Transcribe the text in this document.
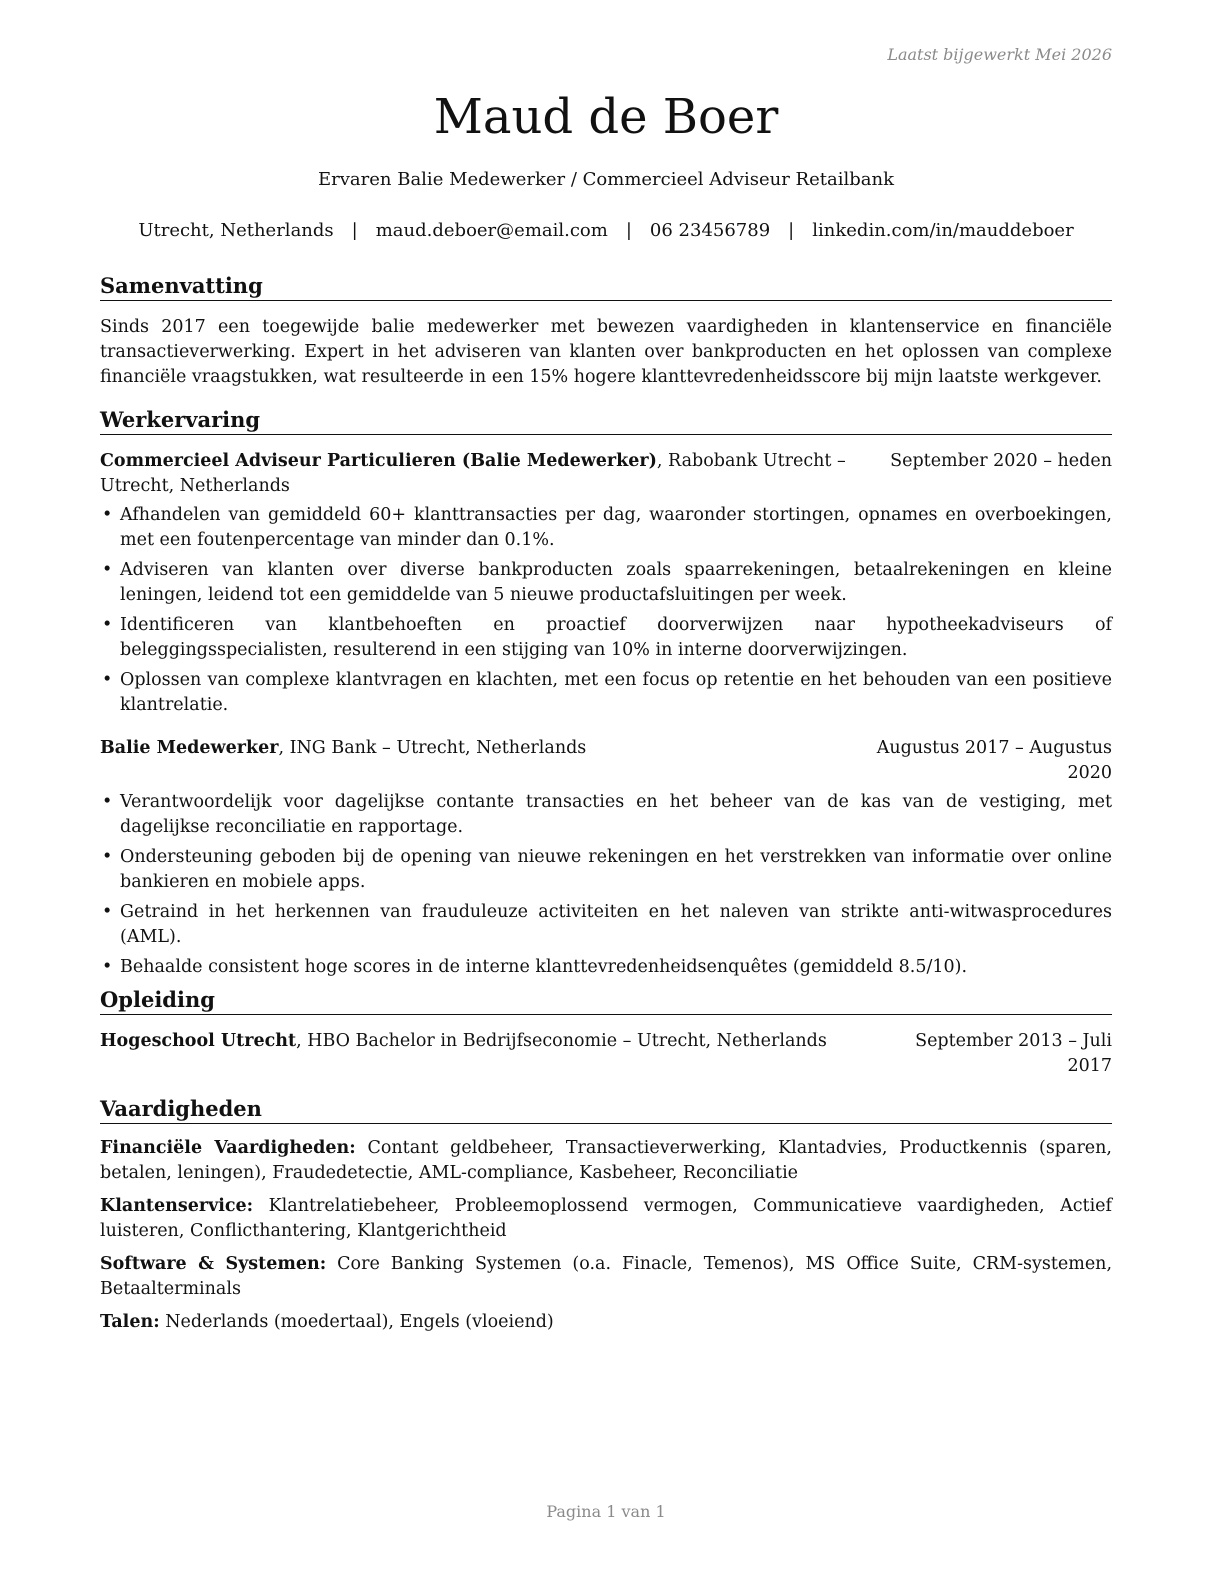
Laatst bijgewerkt Mei 2026
Maud de Boer
Ervaren Balie Medewerker / Commercieel Adviseur Retailbank
Utrecht, Netherlands | maud.deboer@email.com | 06 23456789 | linkedin.com/in/mauddeboer
Samenvatting

Sinds 2017 een toegewijde balie medewerker met bewezen vaardigheden in klantenservice en financiële transactieverwerking. Expert in het adviseren van klanten over bankproducten en het oplossen van complexe financiële vraagstukken, wat resulteerde in een 15% hogere klanttevredenheidsscore bij mijn laatste werkgever.

Werkervaring
Commercieel Adviseur Particulieren (Balie Medewerker), Rabobank Utrecht – Utrecht, Netherlands
September 2020 – heden
• Afhandelen van gemiddeld 60+ klanttransacties per dag, waaronder stortingen, opnames en overboekingen, met een foutenpercentage van minder dan 0.1%.
• Adviseren van klanten over diverse bankproducten zoals spaarrekeningen, betaalrekeningen en kleine leningen, leidend tot een gemiddelde van 5 nieuwe productafsluitingen per week.
• Identificeren van klantbehoeften en proactief doorverwijzen naar hypotheekadviseurs of beleggingsspecialisten, resulterend in een stijging van 10% in interne doorverwijzingen.
• Oplossen van complexe klantvragen en klachten, met een focus op retentie en het behouden van een positieve klantrelatie.
Balie Medewerker, ING Bank – Utrecht, Netherlands	Augustus 2017 – Augustus 2020
• Verantwoordelijk voor dagelijkse contante transacties en het beheer van de kas van de vestiging, met dagelijkse reconciliatie en rapportage.
• Ondersteuning geboden bij de opening van nieuwe rekeningen en het verstrekken van informatie over online bankieren en mobiele apps.
• Getraind in het herkennen van frauduleuze activiteiten en het naleven van strikte anti-witwasprocedures (AML).
• Behaalde consistent hoge scores in de interne klanttevredenheidsenquêtes (gemiddeld 8.5/10).
Opleiding
Hogeschool Utrecht, HBO Bachelor in Bedrijfseconomie – Utrecht, Netherlands	September 2013 – Juli 2017
Vaardigheden

Financiële Vaardigheden: Contant geldbeheer, Transactieverwerking, Klantadvies, Productkennis (sparen, betalen, leningen), Fraudedetectie, AML-compliance, Kasbeheer, Reconciliatie

Klantenservice: Klantrelatiebeheer, Probleemoplossend vermogen, Communicatieve vaardigheden, Actief luisteren, Conflicthantering, Klantgerichtheid

Software & Systemen: Core Banking Systemen (o.a. Finacle, Temenos), MS Office Suite, CRM-systemen, Betaalterminals

Talen: Nederlands (moedertaal), Engels (vloeiend)

Pagina 1 van 1
